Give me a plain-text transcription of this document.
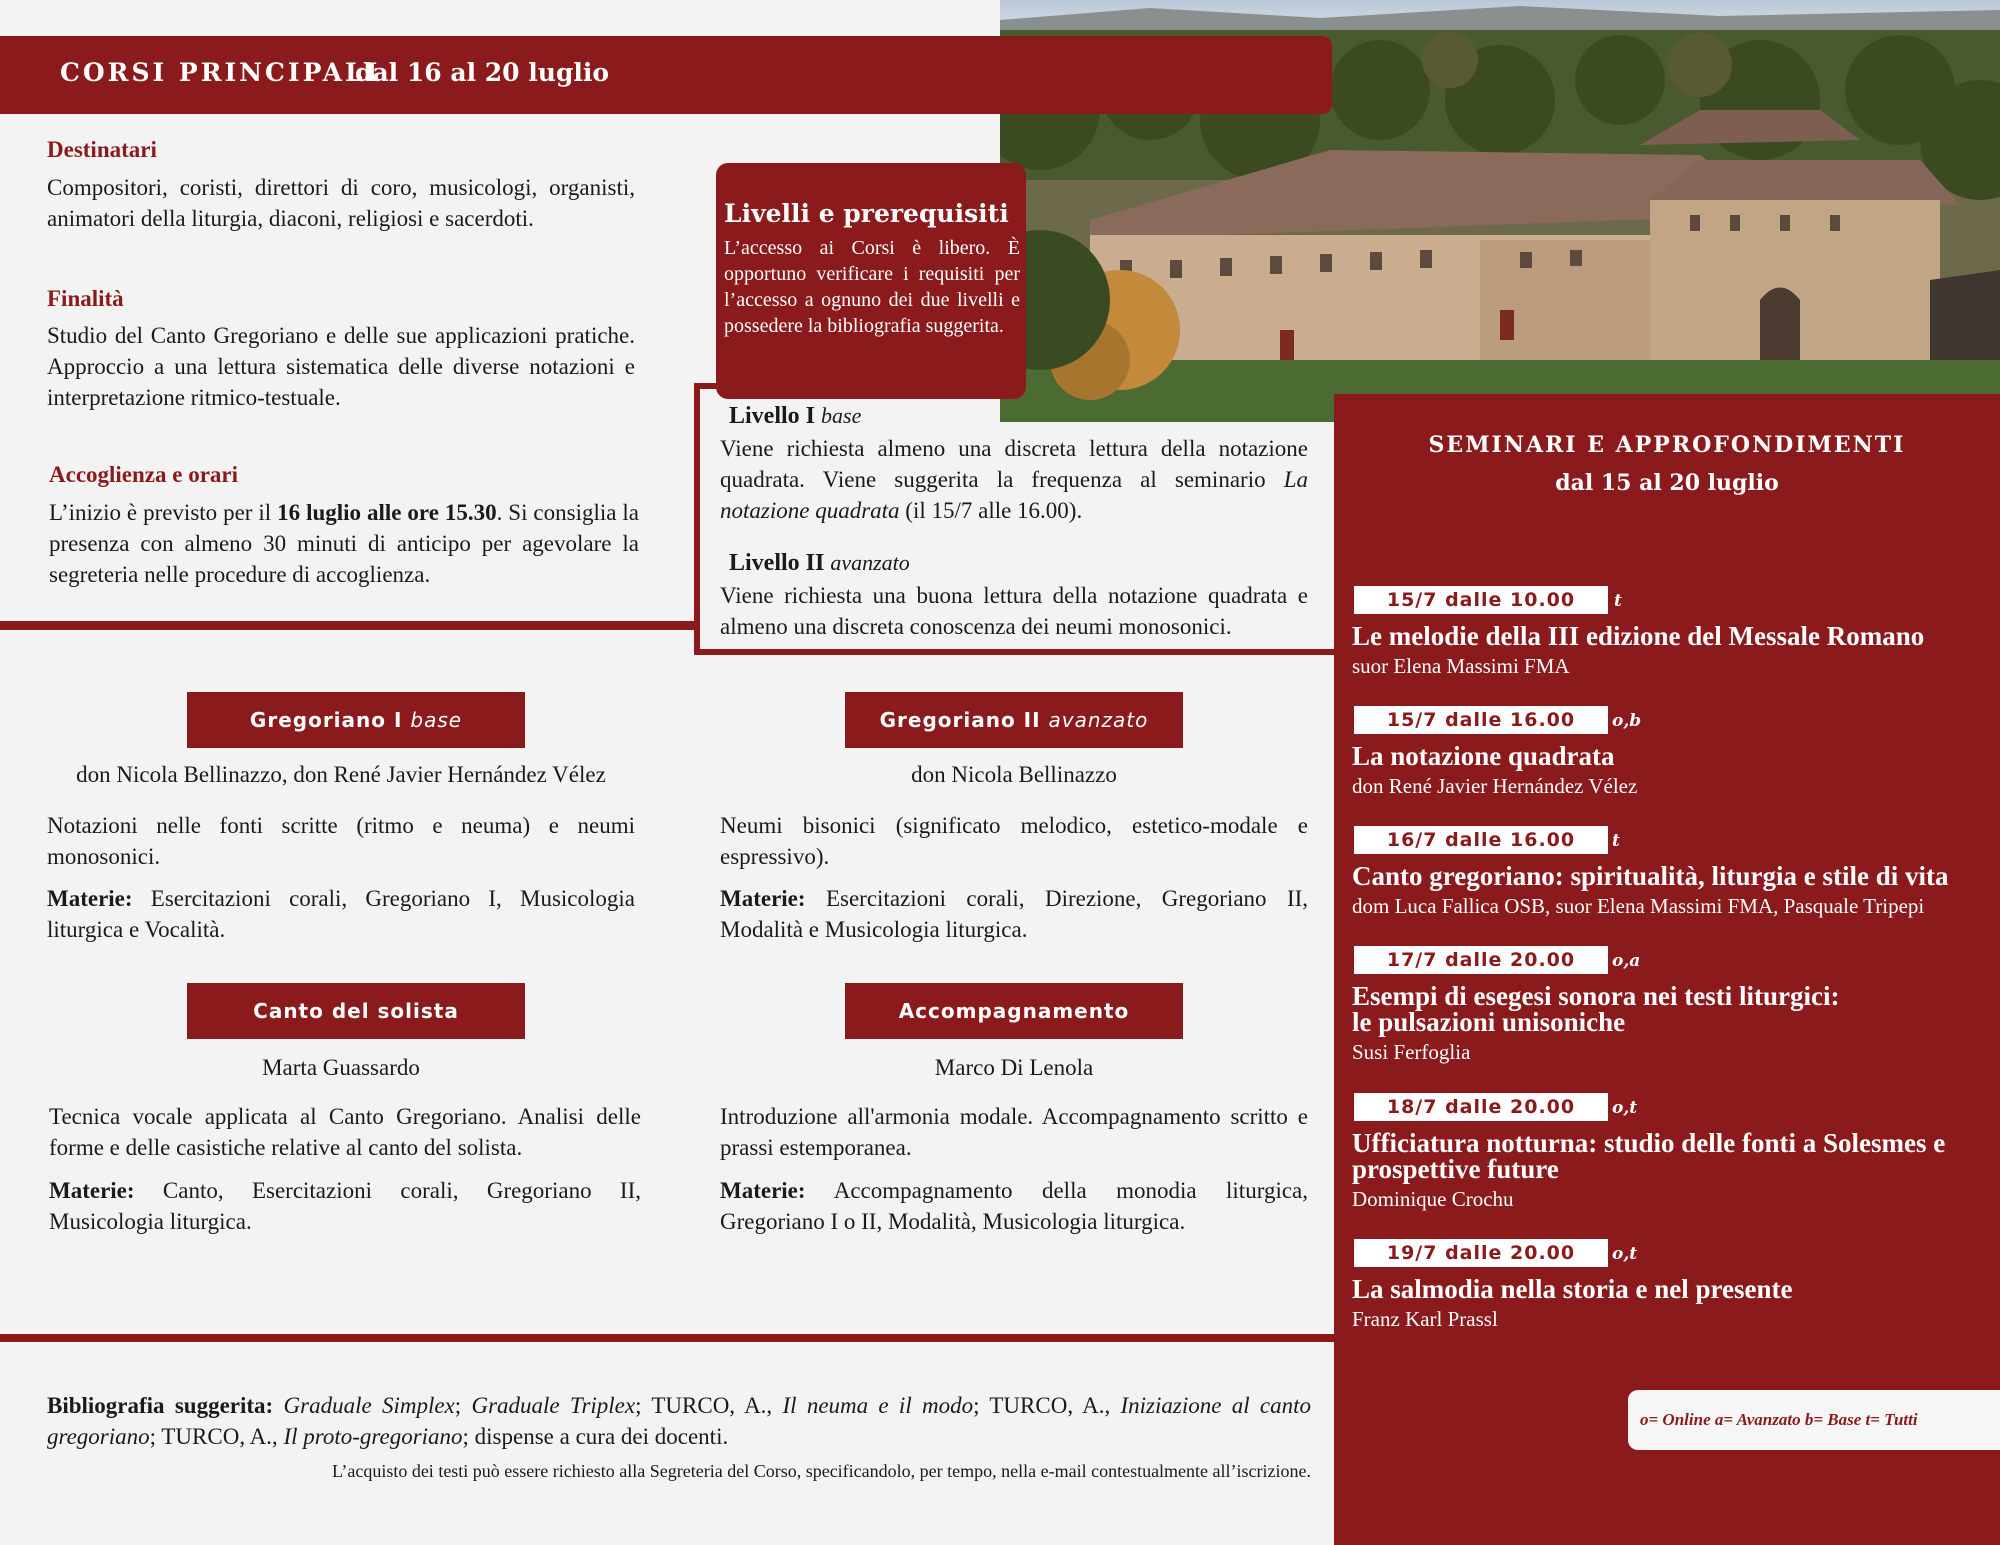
CORSI PRINCIPALI
dal 16 al 20 luglio
Destinatari
Compositori, coristi, direttori di coro, musicologi, organisti, animatori della liturgia, diaconi, religiosi e sacerdoti.
Finalità
Studio del Canto Gregoriano e delle sue applicazioni pratiche. Approccio a una lettura sistematica delle diverse notazioni e interpretazione ritmico-testuale.
Accoglienza e orari
L’inizio è previsto per il 16 luglio alle ore 15.30. Si consiglia la presenza con almeno 30 minuti di anticipo per agevolare la segreteria nelle procedure di accoglienza.
Livelli e prerequisiti
L’accesso ai Corsi è libero. È opportuno verificare i requisiti per l’accesso a ognuno dei due livelli e possedere la bibliografia suggerita.
Livello I base
Viene richiesta almeno una discreta lettura della notazione quadrata. Viene suggerita la frequenza al seminario La notazione quadrata (il 15/7 alle 16.00).
Livello II avanzato
Viene richiesta una buona lettura della notazione quadrata e almeno una discreta conoscenza dei neumi monosonici.
Gregoriano I base
don Nicola Bellinazzo, don René Javier Hernández Vélez
Notazioni nelle fonti scritte (ritmo e neuma) e neumi monosonici.
Materie: Esercitazioni corali, Gregoriano I, Musicologia liturgica e Vocalità.
Gregoriano II avanzato
don Nicola Bellinazzo
Neumi bisonici (significato melodico, estetico-modale e espressivo).
Materie: Esercitazioni corali, Direzione, Gregoriano II, Modalità e Musicologia liturgica.
Canto del solista
Marta Guassardo
Tecnica vocale applicata al Canto Gregoriano. Analisi delle forme e delle casistiche relative al canto del solista.
Materie: Canto, Esercitazioni corali, Gregoriano II, Musicologia liturgica.
Accompagnamento
Marco Di Lenola
Introduzione all'armonia modale. Accompagnamento scritto e prassi estemporanea.
Materie: Accompagnamento della monodia liturgica, Gregoriano I o II, Modalità, Musicologia liturgica.
Bibliografia suggerita: Graduale Simplex; Graduale Triplex; TURCO, A., Il neuma e il modo; TURCO, A., Iniziazione al canto gregoriano; TURCO, A., Il proto-gregoriano; dispense a cura dei docenti.
L’acquisto dei testi può essere richiesto alla Segreteria del Corso, specificandolo, per tempo, nella e-mail contestualmente all’iscrizione.
SEMINARI E APPROFONDIMENTI
dal 15 al 20 luglio
15/7 dalle 10.00	t
Le melodie della III edizione del Messale Romano
suor Elena Massimi FMA
15/7 dalle 16.00	o,b
La notazione quadrata
don René Javier Hernández Vélez
16/7 dalle 16.00	t
Canto gregoriano: spiritualità, liturgia e stile di vita
dom Luca Fallica OSB, suor Elena Massimi FMA, Pasquale Tripepi
17/7 dalle 20.00	o,a
Esempi di esegesi sonora nei testi liturgici:
le pulsazioni unisoniche
Susi Ferfoglia
18/7 dalle 20.00	o,t
Ufficiatura notturna: studio delle fonti a Solesmes e
prospettive future
Dominique Crochu
19/7 dalle 20.00	o,t
La salmodia nella storia e nel presente
Franz Karl Prassl
o= Online a= Avanzato b= Base t= Tutti
